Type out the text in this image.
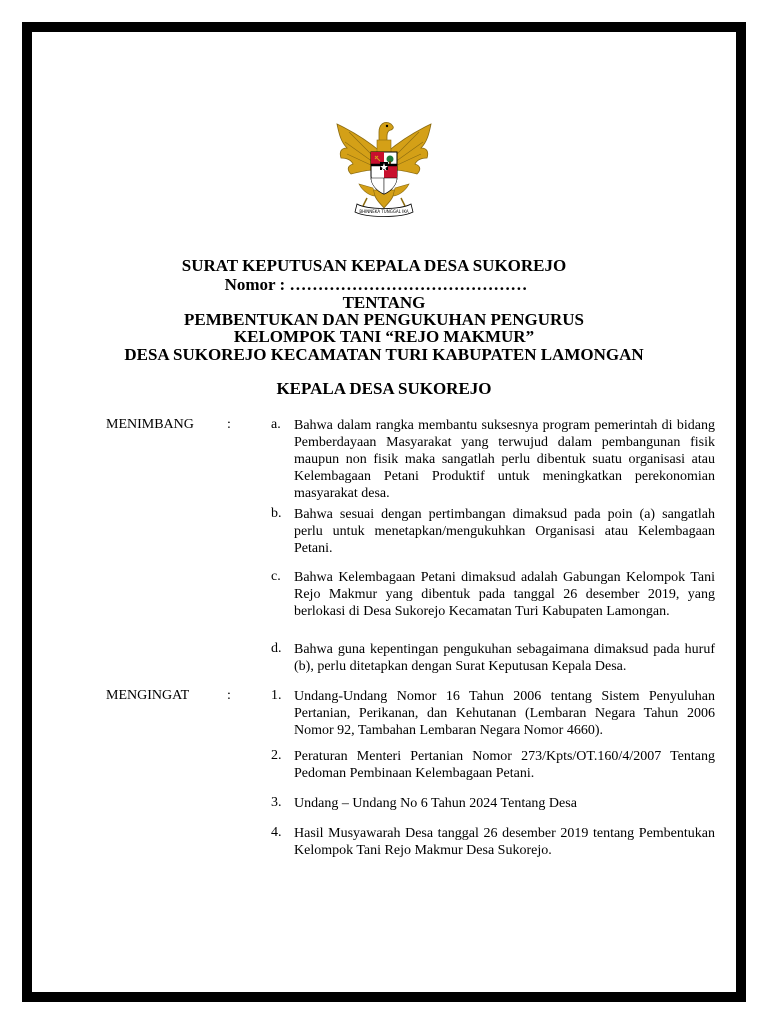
BHINNEKA TUNGGAL IKA
SURAT KEPUTUSAN KEPALA DESA SUKOREJO
Nomor : ……………………………………
TENTANG
PEMBENTUKAN DAN PENGUKUHAN PENGURUS
KELOMPOK TANI “REJO MAKMUR”
DESA SUKOREJO KECAMATAN TURI KABUPATEN LAMONGAN
KEPALA DESA SUKOREJO
MENIMBANG :	a. Bahwa dalam rangka membantu suksesnya program pemerintah di bidang Pemberdayaan Masyarakat yang terwujud dalam pembangunan fisik maupun non fisik maka sangatlah perlu dibentuk suatu organisasi atau Kelembagaan Petani Produktif untuk meningkatkan perekonomian masyarakat desa.
b. Bahwa sesuai dengan pertimbangan dimaksud pada poin (a) sangatlah perlu untuk menetapkan/mengukuhkan Organisasi atau Kelembagaan Petani.
c. Bahwa Kelembagaan Petani dimaksud adalah Gabungan Kelompok Tani Rejo Makmur yang dibentuk pada tanggal 26 desember 2019, yang berlokasi di Desa Sukorejo Kecamatan Turi Kabupaten Lamongan.
d. Bahwa guna kepentingan pengukuhan sebagaimana dimaksud pada huruf (b), perlu ditetapkan dengan Surat Keputusan Kepala Desa.
MENGINGAT	:	1. Undang-Undang Nomor 16 Tahun 2006 tentang Sistem Penyuluhan Pertanian, Perikanan, dan Kehutanan (Lembaran Negara Tahun 2006 Nomor 92, Tambahan Lembaran Negara Nomor 4660).
2. Peraturan Menteri Pertanian Nomor 273/Kpts/OT.160/4/2007 Tentang Pedoman Pembinaan Kelembagaan Petani.
3. Undang – Undang No 6 Tahun 2024 Tentang Desa
4. Hasil Musyawarah Desa tanggal 26 desember 2019 tentang Pembentukan Kelompok Tani Rejo Makmur Desa Sukorejo.
